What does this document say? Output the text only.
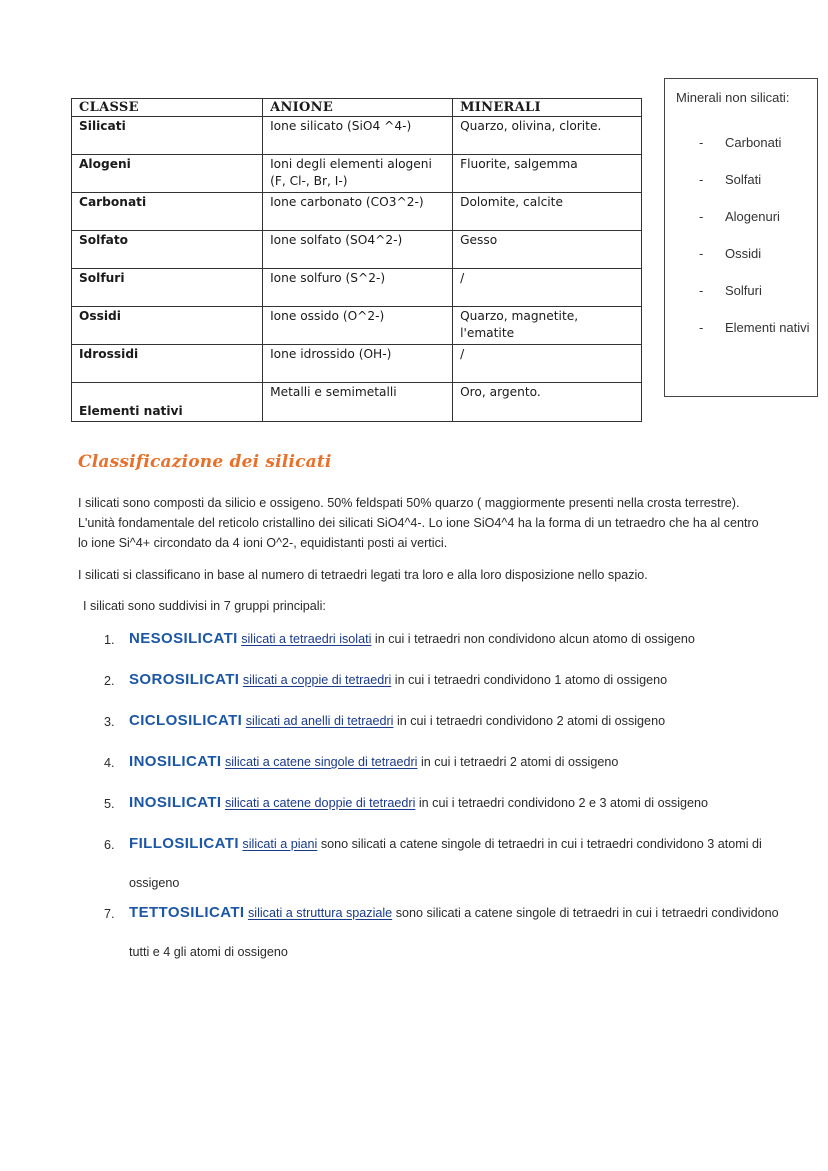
CLASSE	ANIONE	MINERALI
Silicati	Ione silicato (SiO4 ^4-)	Quarzo, olivina, clorite.
Alogeni	Ioni degli elementi alogeni (F, Cl-, Br, I-)	Fluorite, salgemma
Carbonati	Ione carbonato (CO3^2-)	Dolomite, calcite
Solfato	Ione solfato (SO4^2-)	Gesso
Solfuri	Ione solfuro (S^2-)	/
Ossidi	Ione ossido (O^2-)	Quarzo, magnetite, l'ematite
Idrossidi	Ione idrossido (OH-)	/
Elementi nativi	Metalli e semimetalli	Oro, argento.
Minerali non silicati:
- Carbonati
- Solfati
- Alogenuri
- Ossidi
- Solfuri
- Elementi nativi
Classificazione dei silicati

I silicati sono composti da silicio e ossigeno. 50% feldspati 50% quarzo ( maggiormente presenti nella crosta terrestre).
L'unità fondamentale del reticolo cristallino dei silicati SiO4^4-. Lo ione SiO4^4 ha la forma di un tetraedro che ha al centro
lo ione Si^4+ circondato da 4 ioni O^2-, equidistanti posti ai vertici.

I silicati si classificano in base al numero di tetraedri legati tra loro e alla loro disposizione nello spazio.

I silicati sono suddivisi in 7 gruppi principali:

1. NESOSILICATI silicati a tetraedri isolati in cui i tetraedri non condividono alcun atomo di ossigeno
2. SOROSILICATI silicati a coppie di tetraedri in cui i tetraedri condividono 1 atomo di ossigeno
3. CICLOSILICATI silicati ad anelli di tetraedri in cui i tetraedri condividono 2 atomi di ossigeno
4. INOSILICATI silicati a catene singole di tetraedri in cui i tetraedri 2 atomi di ossigeno
5. INOSILICATI silicati a catene doppie di tetraedri in cui i tetraedri condividono 2 e 3 atomi di ossigeno
6. FILLOSILICATI silicati a piani sono silicati a catene singole di tetraedri in cui i tetraedri condividono 3 atomi di
ossigeno
7. TETTOSILICATI silicati a struttura spaziale sono silicati a catene singole di tetraedri in cui i tetraedri condividono
tutti e 4 gli atomi di ossigeno
